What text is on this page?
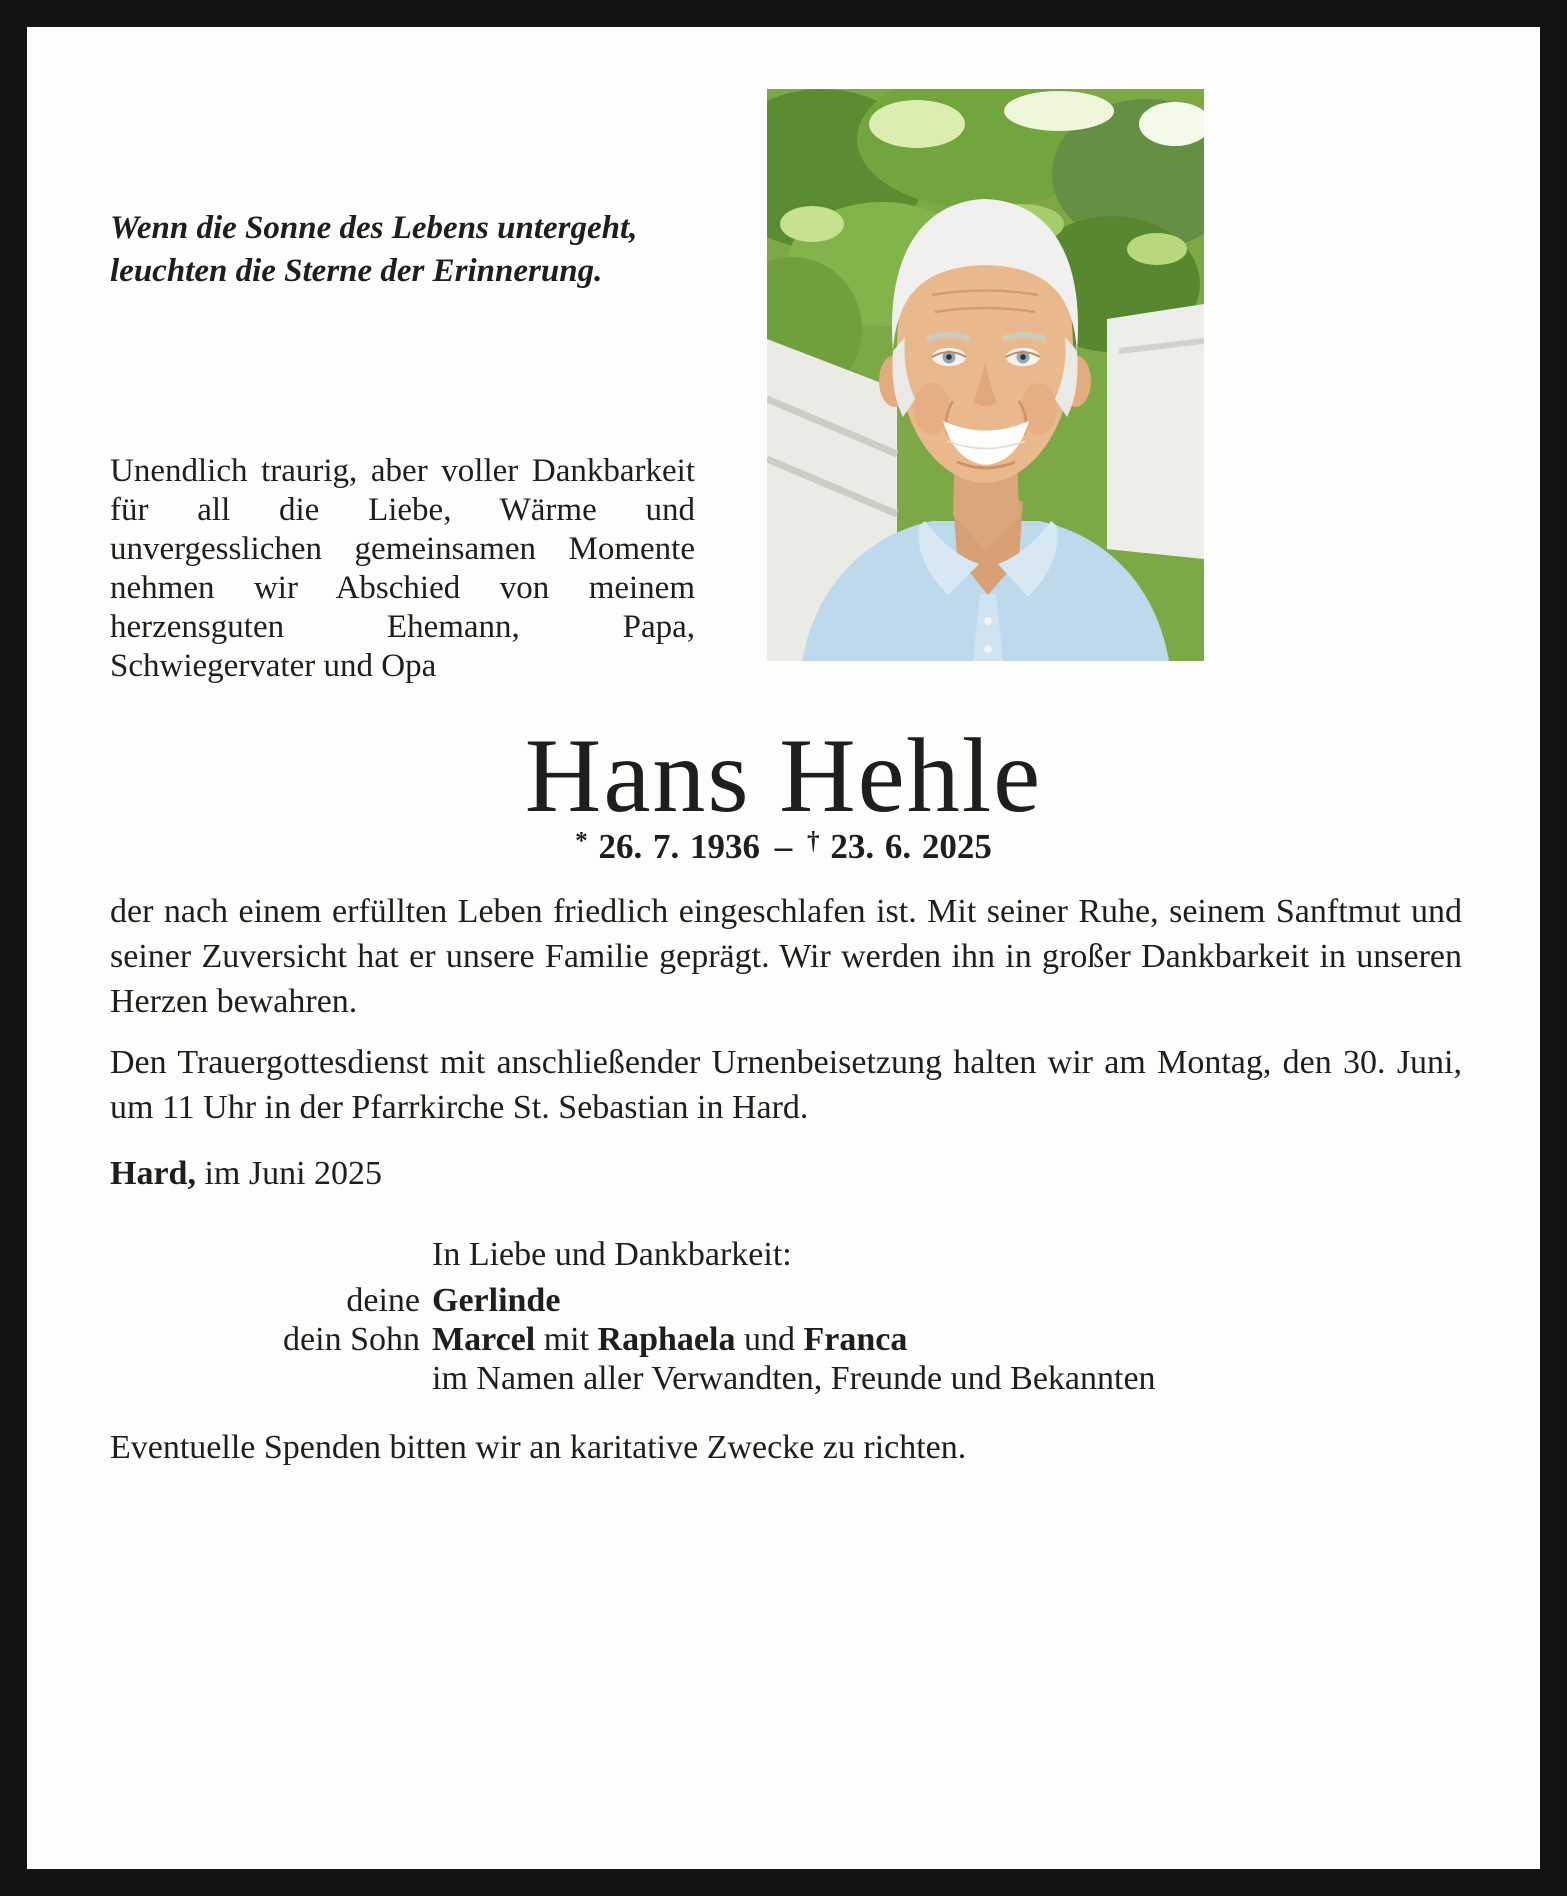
Wenn die Sonne des Lebens untergeht,
leuchten die Sterne der Erinnerung.

Unendlich traurig, aber voller Dankbarkeit für all die Liebe, Wärme und unvergesslichen gemeinsamen Momente nehmen wir Abschied von meinem herzensguten Ehemann, Papa, Schwiegervater und Opa

Hans Hehle
* 26. 7. 1936 – † 23. 6. 2025

der nach einem erfüllten Leben friedlich eingeschlafen ist. Mit seiner Ruhe, seinem Sanftmut und seiner Zuversicht hat er unsere Familie geprägt. Wir werden ihn in großer Dankbarkeit in unseren Herzen bewahren.

Den Trauergottesdienst mit anschließender Urnenbeisetzung halten wir am Montag, den 30. Juni, um 11 Uhr in der Pfarrkirche St. Sebastian in Hard.

Hard, im Juni 2025

In Liebe und Dankbarkeit:
deine Gerlinde
dein Sohn Marcel mit Raphaela und Franca
im Namen aller Verwandten, Freunde und Bekannten

Eventuelle Spenden bitten wir an karitative Zwecke zu richten.
